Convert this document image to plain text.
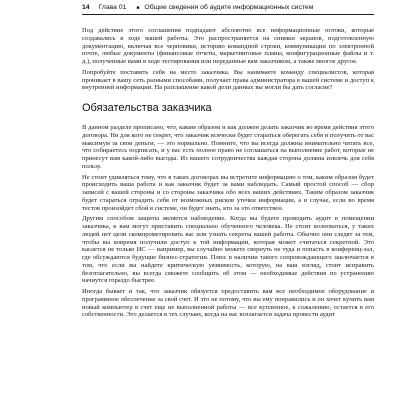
14 Глава 01
■	Общие сведения об аудите информационных систем

Под действие этого соглашения подпадают абсолютно все информационные потоки, которые создавались в ходе вашей работы. Это распространяется на снимки экранов, подготовленную документацию, включая все черновики, историю командной строки, коммуникации по электронной почте, любые документы (финансовые отчеты, маркетинговые планы, конфигурационные файлы и т. д.), полученные вами в ходе тестирования или переданные вам заказчиком, а также многое другое.

Попробуйте поставить себя на место заказчика. Вы нанимаете команду специалистов, которая проникает в вашу сеть разными способами, получает права администратора в вашей системе и доступ к внутренней информации. На разглашение какой доли данных вы могли бы дать согласие?

Обязательства заказчика

В данном разделе прописано, что, каким образом и как должен делать заказчик во время действия этого договора. Ни для кого не секрет, что заказчик всячески будет стараться оберегать себя и получить от вас максимум за свои деньги, — это нормально. Помните, что вы всегда должны внимательно читать все, что собираетесь подписать, и у вас есть полное право не соглашаться на выполнение работ, которые не принесут вам какой-либо выгоды. Из вашего сотрудничества каждая сторона должна извлечь для себя пользу.

Не стоит удивляться тому, что в таких договорах вы встретите информацию о том, каким образом будет происходить ваша работа и как заказчик будет за вами наблюдать. Самый простой способ — сбор записей с вашей стороны и со стороны заказчика обо всех ваших действиях. Таким образом заказчик будет стараться оградить себя от возможных рисков утечки информации, а в случае, если во время тестов произойдет сбой в системе, он будет знать, кто за это ответствен.

Другим способом защиты является наблюдение. Когда вы будете проводить аудит в помещении заказчика, к вам могут приставить специально обученного человека. Не стоит волноваться, у таких людей нет цели скомпрометировать вас или узнать секреты вашей работы. Обычно они следят за тем, чтобы вы вовремя получили доступ к той информации, которая может считаться секретной. Это касается не только ИС — например, вы случайно можете свернуть не туда и попасть в конференц-зал, где обсуждаются будущие бизнес-стратегии. Плюс в наличии такого сопровождающего заключается в том, что если вы найдете критическую уязвимость, которую, на ваш взгляд, стоит исправить безотлагательно, вы всегда сможете сообщить об этом — необходимые действия по устранению начнутся гораздо быстрее.

Иногда бывает и так, что заказчик обязуется предоставить вам все необходимое оборудование и программное обеспечение за свой счет. И это не потому, что вы ему понравились и он хочет купить вам новый компьютер в счет еще не выполненной работы — все купленное, к сожалению, остается в его собственности. Это делается в тех случаях, когда на вас возлагается задача провести аудит
